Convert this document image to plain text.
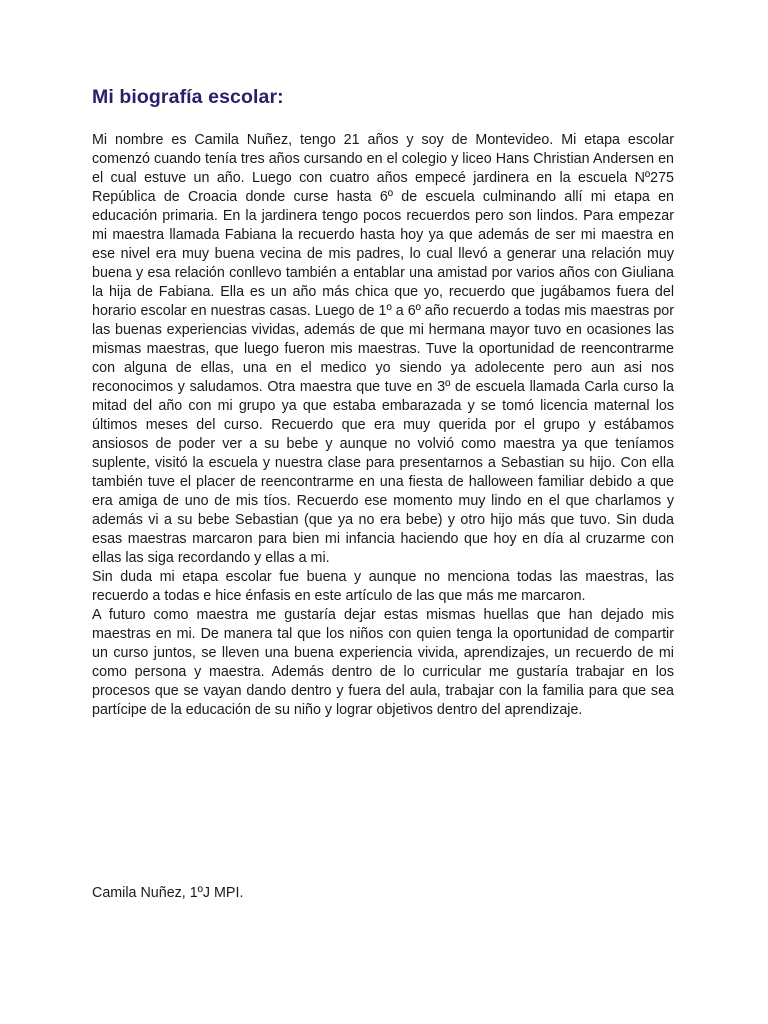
Mi biografía escolar:

Mi nombre es Camila Nuñez, tengo 21 años y soy de Montevideo. Mi etapa escolar comenzó cuando tenía tres años cursando en el colegio y liceo Hans Christian Andersen en el cual estuve un año. Luego con cuatro años empecé jardinera en la escuela Nº275 República de Croacia donde curse hasta 6º de escuela culminando allí mi etapa en educación primaria. En la jardinera tengo pocos recuerdos pero son lindos. Para empezar mi maestra llamada Fabiana la recuerdo hasta hoy ya que además de ser mi maestra en ese nivel era muy buena vecina de mis padres, lo cual llevó a generar una relación muy buena y esa relación conllevo también a entablar una amistad por varios años con Giuliana la hija de Fabiana. Ella es un año más chica que yo, recuerdo que jugábamos fuera del horario escolar en nuestras casas. Luego de 1º a 6º año recuerdo a todas mis maestras por las buenas experiencias vividas, además de que mi hermana mayor tuvo en ocasiones las mismas maestras, que luego fueron mis maestras. Tuve la oportunidad de reencontrarme con alguna de ellas, una en el medico yo siendo ya adolecente pero aun asi nos reconocimos y saludamos. Otra maestra que tuve en 3º de escuela llamada Carla curso la mitad del año con mi grupo ya que estaba embarazada y se tomó licencia maternal los últimos meses del curso. Recuerdo que era muy querida por el grupo y estábamos ansiosos de poder ver a su bebe y aunque no volvió como maestra ya que teníamos suplente, visitó la escuela y nuestra clase para presentarnos a Sebastian su hijo. Con ella también tuve el placer de reencontrarme en una fiesta de halloween familiar debido a que era amiga de uno de mis tíos. Recuerdo ese momento muy lindo en el que charlamos y además vi a su bebe Sebastian (que ya no era bebe) y otro hijo más que tuvo. Sin duda esas maestras marcaron para bien mi infancia haciendo que hoy en día al cruzarme con ellas las siga recordando y ellas a mi.

Sin duda mi etapa escolar fue buena y aunque no menciona todas las maestras, las recuerdo a todas e hice énfasis en este artículo de las que más me marcaron.

A futuro como maestra me gustaría dejar estas mismas huellas que han dejado mis maestras en mi. De manera tal que los niños con quien tenga la oportunidad de compartir un curso juntos, se lleven una buena experiencia vivida, aprendizajes, un recuerdo de mi como persona y maestra. Además dentro de lo curricular me gustaría trabajar en los procesos que se vayan dando dentro y fuera del aula, trabajar con la familia para que sea partícipe de la educación de su niño y lograr objetivos dentro del aprendizaje.

Camila Nuñez, 1ºJ MPI.
